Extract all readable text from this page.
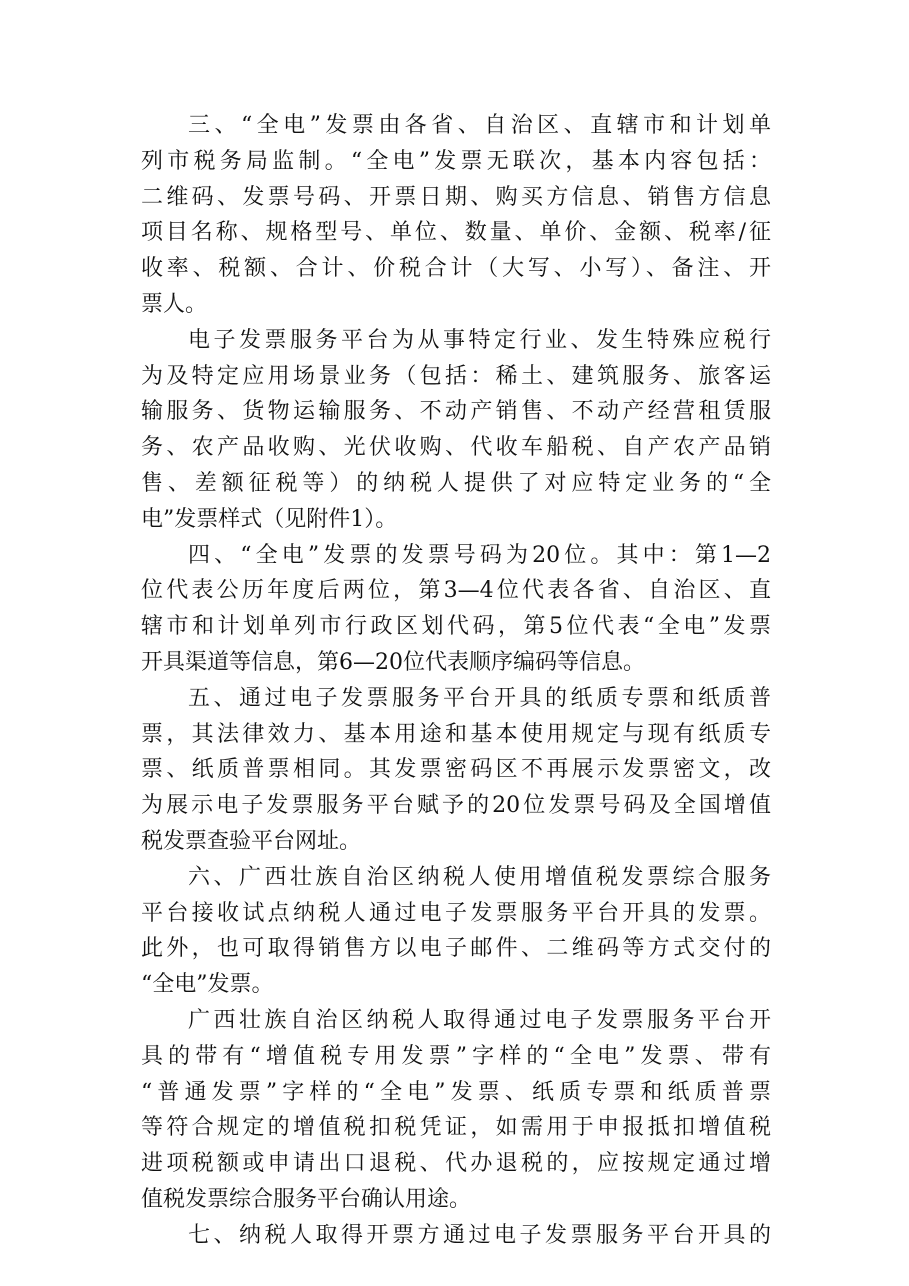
三、“全电”发票由各省、自治区、直辖市和计划单
列市税务局监制。“全电”发票无联次，基本内容包括：
二维码、发票号码、开票日期、购买方信息、销售方信息
项目名称、规格型号、单位、数量、单价、金额、税率/征
收率、税额、合计、价税合计（大写、小写）、备注、开
票人。
电子发票服务平台为从事特定行业、发生特殊应税行
为及特定应用场景业务（包括：稀土、建筑服务、旅客运
输服务、货物运输服务、不动产销售、不动产经营租赁服
务、农产品收购、光伏收购、代收车船税、自产农产品销
售、差额征税等）的纳税人提供了对应特定业务的“全
电”发票样式（见附件1）。
四、“全电”发票的发票号码为20位。其中：第1—2
位代表公历年度后两位，第3—4位代表各省、自治区、直
辖市和计划单列市行政区划代码，第5位代表“全电”发票
开具渠道等信息，第6—20位代表顺序编码等信息。
五、通过电子发票服务平台开具的纸质专票和纸质普
票，其法律效力、基本用途和基本使用规定与现有纸质专
票、纸质普票相同。其发票密码区不再展示发票密文，改
为展示电子发票服务平台赋予的20位发票号码及全国增值
税发票查验平台网址。
六、广西壮族自治区纳税人使用增值税发票综合服务
平台接收试点纳税人通过电子发票服务平台开具的发票。
此外，也可取得销售方以电子邮件、二维码等方式交付的
“全电”发票。
广西壮族自治区纳税人取得通过电子发票服务平台开
具的带有“增值税专用发票”字样的“全电”发票、带有
“普通发票”字样的“全电”发票、纸质专票和纸质普票
等符合规定的增值税扣税凭证，如需用于申报抵扣增值税
进项税额或申请出口退税、代办退税的，应按规定通过增
值税发票综合服务平台确认用途。
七、纳税人取得开票方通过电子发票服务平台开具的
